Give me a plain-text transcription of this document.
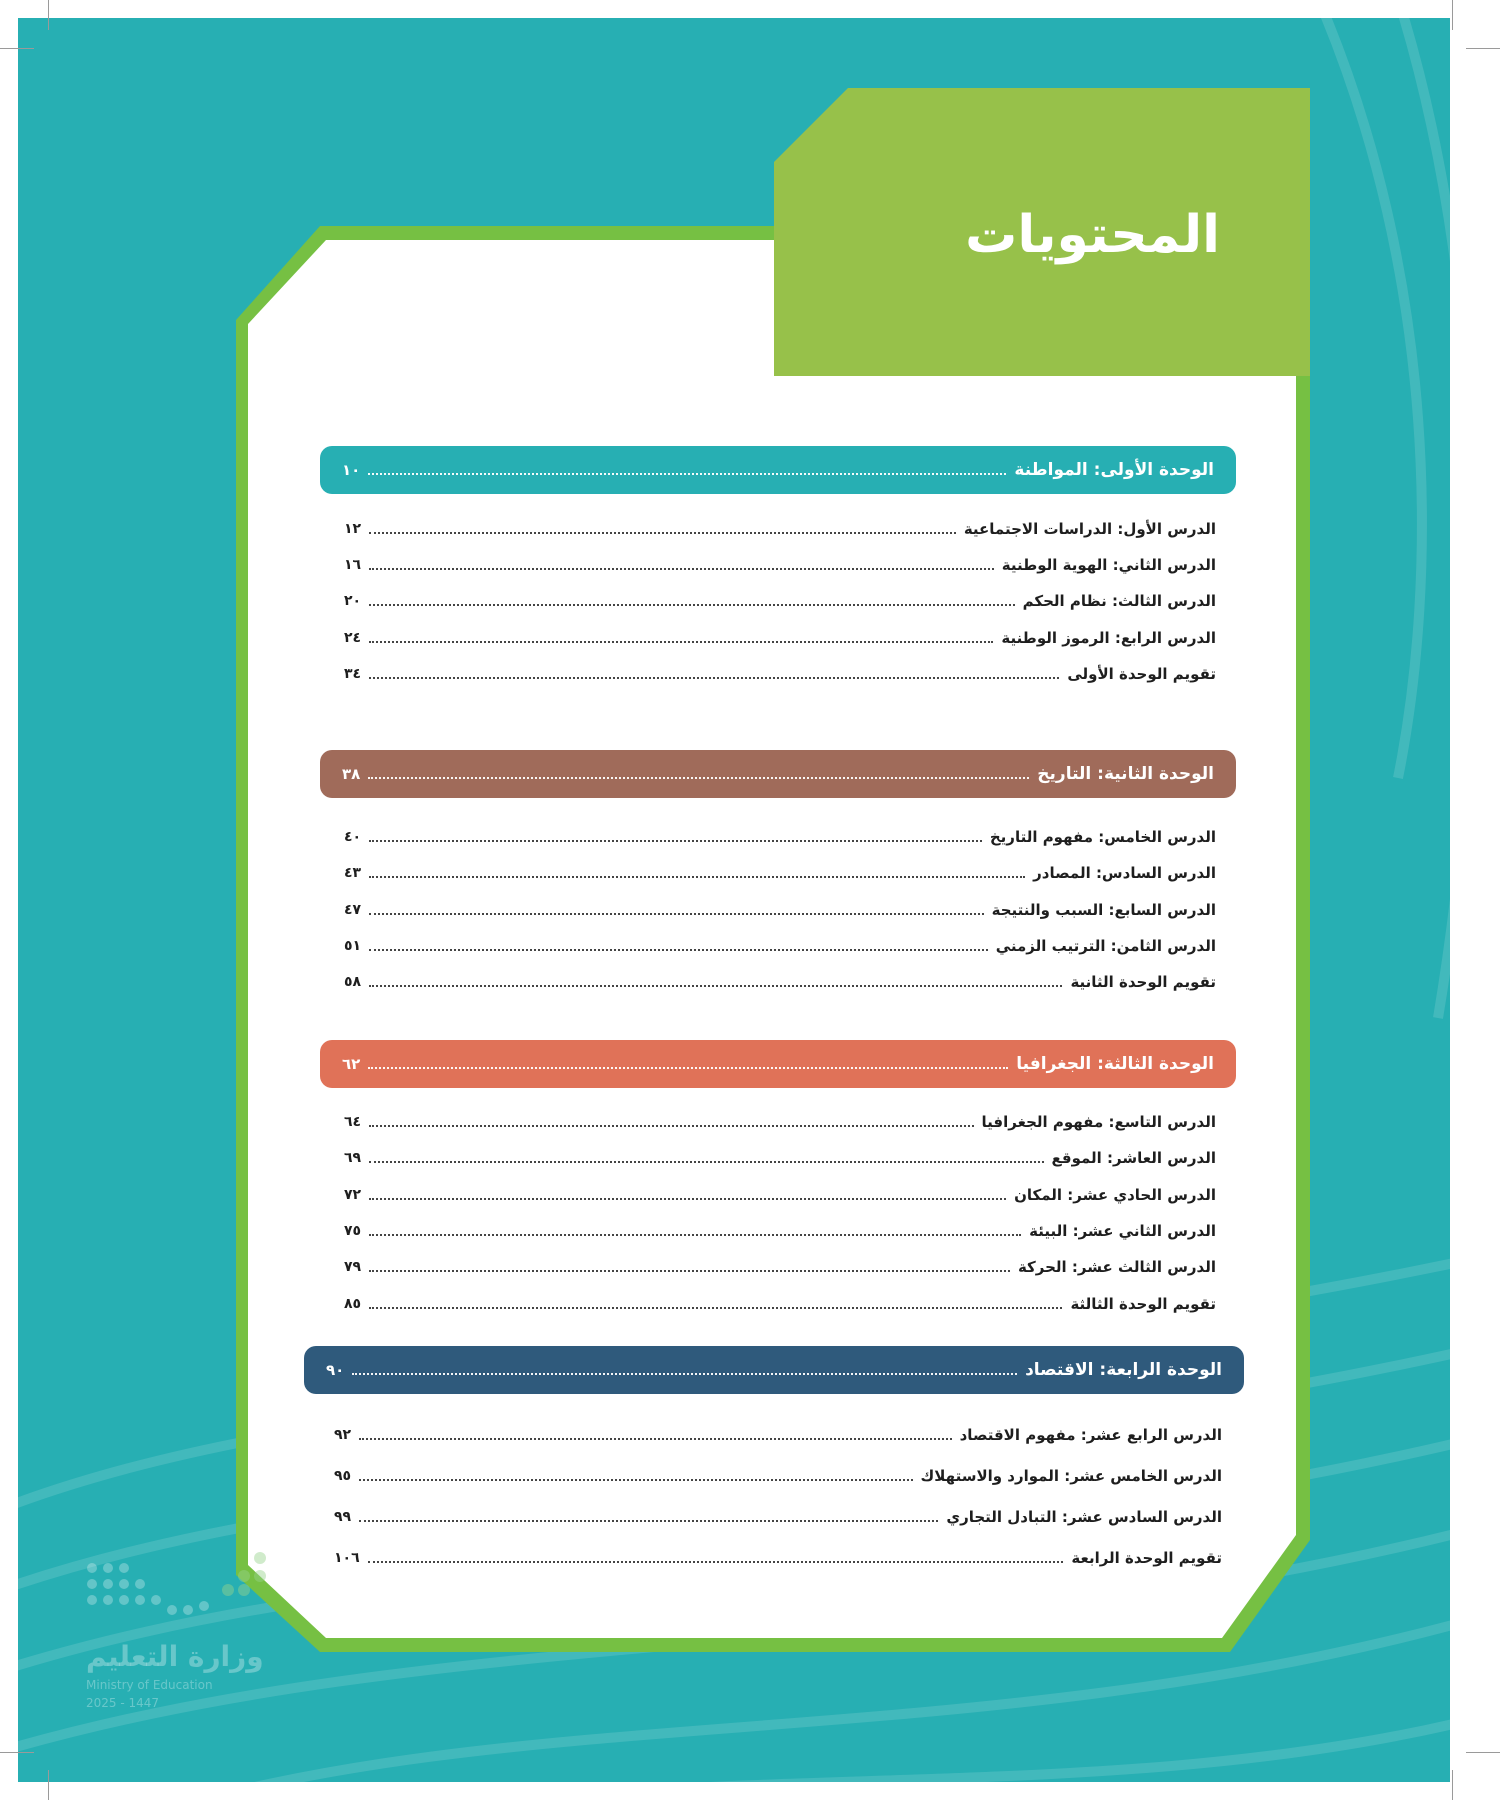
المحتويات
الوحدة الأولى: المواطنة
١٠
الدرس الأول: الدراسات الاجتماعية
١٢
الدرس الثاني: الهوية الوطنية
١٦
الدرس الثالث: نظام الحكم
٢٠
الدرس الرابع: الرموز الوطنية
٢٤
تقويم الوحدة الأولى
٣٤
الوحدة الثانية: التاريخ
٣٨
الدرس الخامس: مفهوم التاريخ
٤٠
الدرس السادس: المصادر
٤٣
الدرس السابع: السبب والنتيجة
٤٧
الدرس الثامن: الترتيب الزمني
٥١
تقويم الوحدة الثانية
٥٨
الوحدة الثالثة: الجغرافيا
٦٢
الدرس التاسع: مفهوم الجغرافيا
٦٤
الدرس العاشر: الموقع
٦٩
الدرس الحادي عشر: المكان
٧٢
الدرس الثاني عشر: البيئة
٧٥
الدرس الثالث عشر: الحركة
٧٩
تقويم الوحدة الثالثة
٨٥
الوحدة الرابعة: الاقتصاد
٩٠
الدرس الرابع عشر: مفهوم الاقتصاد
٩٢
الدرس الخامس عشر: الموارد والاستهلاك
٩٥
الدرس السادس عشر: التبادل التجاري
٩٩
تقويم الوحدة الرابعة
١٠٦
وزارة التعليم
Ministry of Education
2025 - 1447
